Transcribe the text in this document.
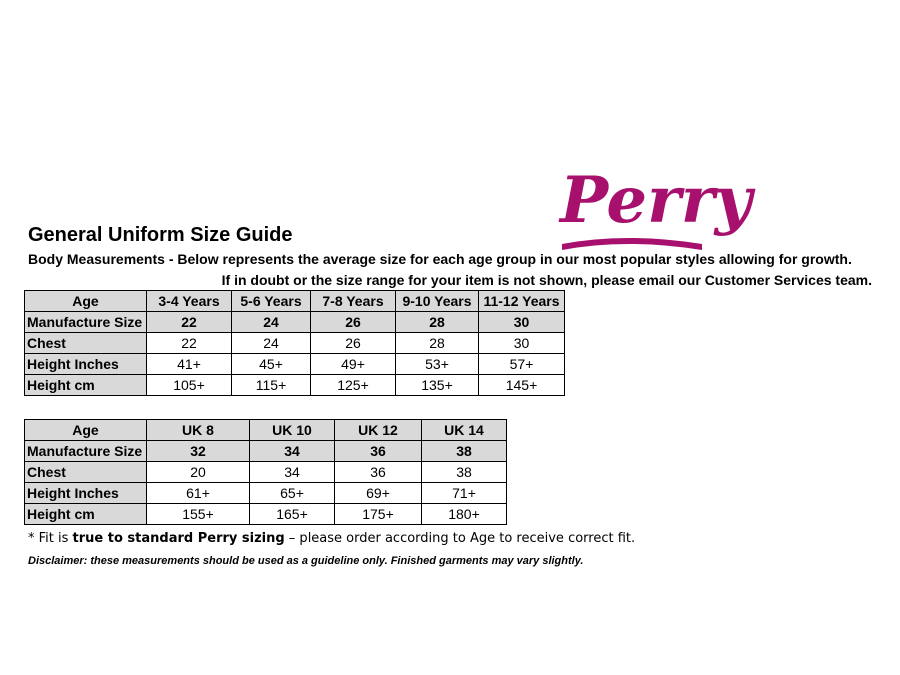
Perry
General Uniform Size Guide
Body Measurements - Below represents the average size for each age group in our most popular styles allowing for growth.
If in doubt or the size range for your item is not shown, please email our Customer Services team.
Age	3-4 Years	5-6 Years	7-8 Years	9-10 Years	11-12 Years
Manufacture Size	22	24	26	28	30
Chest	22	24	26	28	30
Height Inches	41+	45+	49+	53+	57+
Height cm	105+	115+	125+	135+	145+
Age	UK 8	UK 10	UK 12	UK 14
Manufacture Size	32	34	36	38
Chest	20	34	36	38
Height Inches	61+	65+	69+	71+
Height cm	155+	165+	175+	180+
* Fit is true to standard Perry sizing – please order according to Age to receive correct fit.
Disclaimer: these measurements should be used as a guideline only. Finished garments may vary slightly.
